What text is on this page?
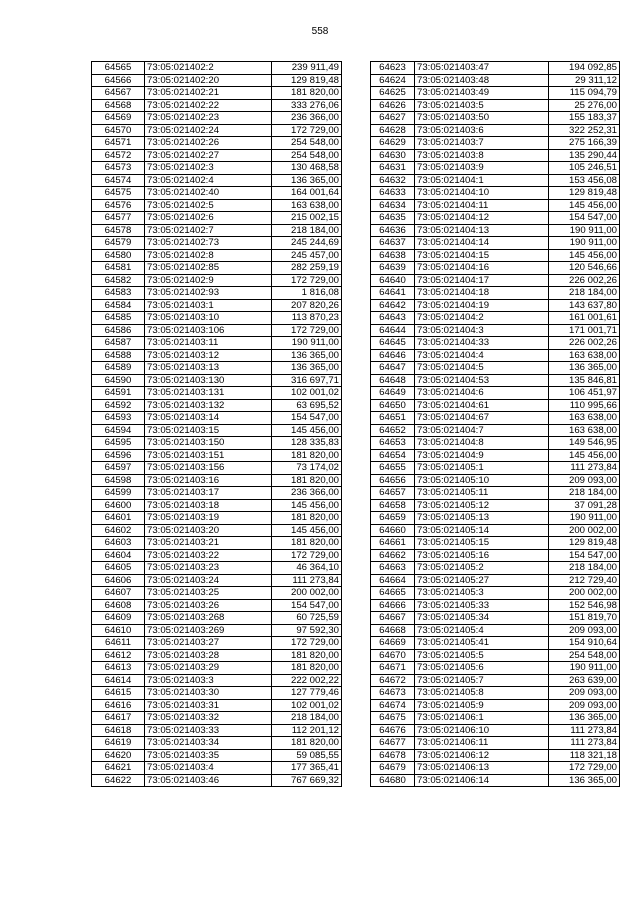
558
64565	73:05:021402:2	239 911,49
64566	73:05:021402:20	129 819,48
64567	73:05:021402:21	181 820,00
64568	73:05:021402:22	333 276,06
64569	73:05:021402:23	236 366,00
64570	73:05:021402:24	172 729,00
64571	73:05:021402:26	254 548,00
64572	73:05:021402:27	254 548,00
64573	73:05:021402:3	130 468,58
64574	73:05:021402:4	136 365,00
64575	73:05:021402:40	164 001,64
64576	73:05:021402:5	163 638,00
64577	73:05:021402:6	215 002,15
64578	73:05:021402:7	218 184,00
64579	73:05:021402:73	245 244,69
64580	73:05:021402:8	245 457,00
64581	73:05:021402:85	282 259,19
64582	73:05:021402:9	172 729,00
64583	73:05:021402:93	1 816,08
64584	73:05:021403:1	207 820,26
64585	73:05:021403:10	113 870,23
64586	73:05:021403:106	172 729,00
64587	73:05:021403:11	190 911,00
64588	73:05:021403:12	136 365,00
64589	73:05:021403:13	136 365,00
64590	73:05:021403:130	316 697,71
64591	73:05:021403:131	102 001,02
64592	73:05:021403:132	63 695,52
64593	73:05:021403:14	154 547,00
64594	73:05:021403:15	145 456,00
64595	73:05:021403:150	128 335,83
64596	73:05:021403:151	181 820,00
64597	73:05:021403:156	73 174,02
64598	73:05:021403:16	181 820,00
64599	73:05:021403:17	236 366,00
64600	73:05:021403:18	145 456,00
64601	73:05:021403:19	181 820,00
64602	73:05:021403:20	145 456,00
64603	73:05:021403:21	181 820,00
64604	73:05:021403:22	172 729,00
64605	73:05:021403:23	46 364,10
64606	73:05:021403:24	111 273,84
64607	73:05:021403:25	200 002,00
64608	73:05:021403:26	154 547,00
64609	73:05:021403:268	60 725,59
64610	73:05:021403:269	97 592,30
64611	73:05:021403:27	172 729,00
64612	73:05:021403:28	181 820,00
64613	73:05:021403:29	181 820,00
64614	73:05:021403:3	222 002,22
64615	73:05:021403:30	127 779,46
64616	73:05:021403:31	102 001,02
64617	73:05:021403:32	218 184,00
64618	73:05:021403:33	112 201,12
64619	73:05:021403:34	181 820,00
64620	73:05:021403:35	59 085,55
64621	73:05:021403:4	177 365,41
64622	73:05:021403:46	767 669,32
64623	73:05:021403:47	194 092,85
64624	73:05:021403:48	29 311,12
64625	73:05:021403:49	115 094,79
64626	73:05:021403:5	25 276,00
64627	73:05:021403:50	155 183,37
64628	73:05:021403:6	322 252,31
64629	73:05:021403:7	275 166,39
64630	73:05:021403:8	135 290,44
64631	73:05:021403:9	105 246,51
64632	73:05:021404:1	153 456,08
64633	73:05:021404:10	129 819,48
64634	73:05:021404:11	145 456,00
64635	73:05:021404:12	154 547,00
64636	73:05:021404:13	190 911,00
64637	73:05:021404:14	190 911,00
64638	73:05:021404:15	145 456,00
64639	73:05:021404:16	120 546,66
64640	73:05:021404:17	226 002,26
64641	73:05:021404:18	218 184,00
64642	73:05:021404:19	143 637,80
64643	73:05:021404:2	161 001,61
64644	73:05:021404:3	171 001,71
64645	73:05:021404:33	226 002,26
64646	73:05:021404:4	163 638,00
64647	73:05:021404:5	136 365,00
64648	73:05:021404:53	135 846,81
64649	73:05:021404:6	106 451,97
64650	73:05:021404:61	110 995,66
64651	73:05:021404:67	163 638,00
64652	73:05:021404:7	163 638,00
64653	73:05:021404:8	149 546,95
64654	73:05:021404:9	145 456,00
64655	73:05:021405:1	111 273,84
64656	73:05:021405:10	209 093,00
64657	73:05:021405:11	218 184,00
64658	73:05:021405:12	37 091,28
64659	73:05:021405:13	190 911,00
64660	73:05:021405:14	200 002,00
64661	73:05:021405:15	129 819,48
64662	73:05:021405:16	154 547,00
64663	73:05:021405:2	218 184,00
64664	73:05:021405:27	212 729,40
64665	73:05:021405:3	200 002,00
64666	73:05:021405:33	152 546,98
64667	73:05:021405:34	151 819,70
64668	73:05:021405:4	209 093,00
64669	73:05:021405:41	154 910,64
64670	73:05:021405:5	254 548,00
64671	73:05:021405:6	190 911,00
64672	73:05:021405:7	263 639,00
64673	73:05:021405:8	209 093,00
64674	73:05:021405:9	209 093,00
64675	73:05:021406:1	136 365,00
64676	73:05:021406:10	111 273,84
64677	73:05:021406:11	111 273,84
64678	73:05:021406:12	118 321,18
64679	73:05:021406:13	172 729,00
64680	73:05:021406:14	136 365,00
